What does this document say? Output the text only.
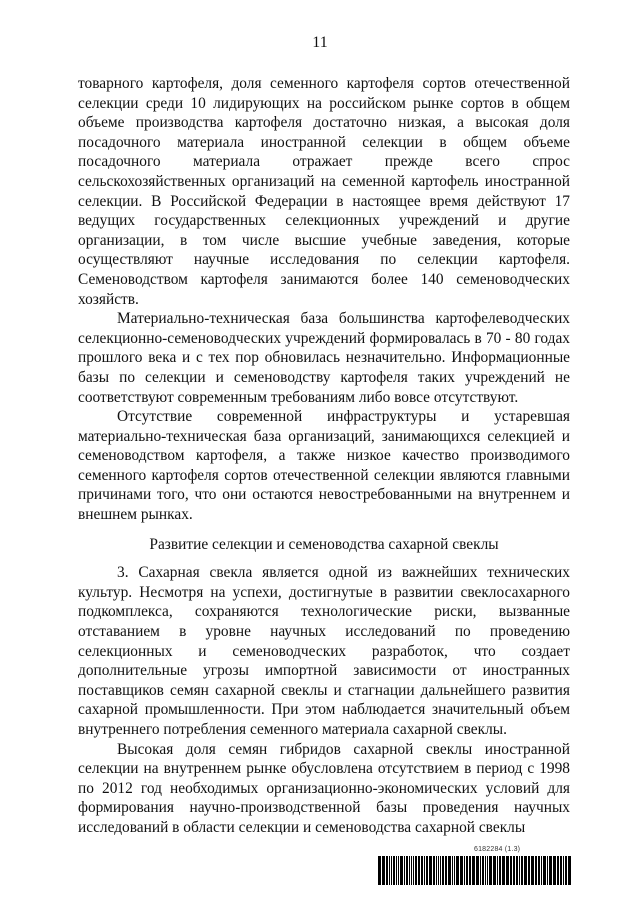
11

товарного картофеля, доля семенного картофеля сортов отечественной селекции среди 10 лидирующих на российском рынке сортов в общем объеме производства картофеля достаточно низкая, а высокая доля посадочного материала иностранной селекции в общем объеме посадочного материала отражает прежде всего спрос сельскохозяйственных организаций на семенной картофель иностранной селекции. В Российской Федерации в настоящее время действуют 17 ведущих государственных селекционных учреждений и другие организации, в том числе высшие учебные заведения, которые осуществляют научные исследования по селекции картофеля. Семеноводством картофеля занимаются более 140 семеноводческих хозяйств.

Материально-техническая база большинства картофелеводческих селекционно-семеноводческих учреждений формировалась в 70 - 80 годах прошлого века и с тех пор обновилась незначительно. Информационные базы по селекции и семеноводству картофеля таких учреждений не соответствуют современным требованиям либо вовсе отсутствуют.

Отсутствие современной инфраструктуры и устаревшая материально-техническая база организаций, занимающихся селекцией и семеноводством картофеля, а также низкое качество производимого семенного картофеля сортов отечественной селекции являются главными причинами того, что они остаются невостребованными на внутреннем и внешнем рынках.

Развитие селекции и семеноводства сахарной свеклы

3. Сахарная свекла является одной из важнейших технических культур. Несмотря на успехи, достигнутые в развитии свеклосахарного подкомплекса, сохраняются технологические риски, вызванные отставанием в уровне научных исследований по проведению селекционных и семеноводческих разработок, что создает дополнительные угрозы импортной зависимости от иностранных поставщиков семян сахарной свеклы и стагнации дальнейшего развития сахарной промышленности. При этом наблюдается значительный объем внутреннего потребления семенного материала сахарной свеклы.

Высокая доля семян гибридов сахарной свеклы иностранной селекции на внутреннем рынке обусловлена отсутствием в период с 1998 по 2012 год необходимых организационно-экономических условий для формирования научно-производственной базы проведения научных исследований в области селекции и семеноводства сахарной свеклы

6182284 (1.3)
